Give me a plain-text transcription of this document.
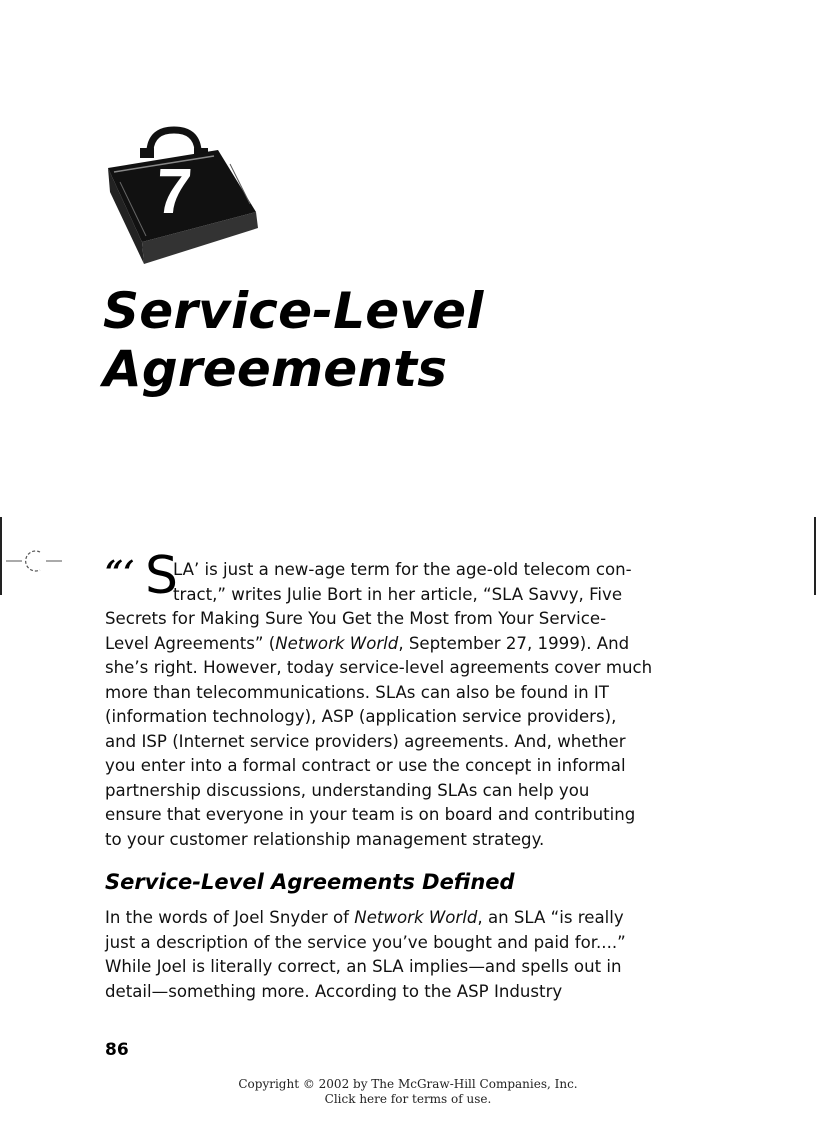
7
Service-Level
Agreements
“‘ S
LA’ is just a new-age term for the age-old telecom con-
tract,” writes Julie Bort in her article, “SLA Savvy, Five
Secrets for Making Sure You Get the Most from Your Service-
Level Agreements” (Network World, September 27, 1999). And
she’s right. However, today service-level agreements cover much
more than telecommunications. SLAs can also be found in IT
(information technology), ASP (application service providers),
and ISP (Internet service providers) agreements. And, whether
you enter into a formal contract or use the concept in informal
partnership discussions, understanding SLAs can help you
ensure that everyone in your team is on board and contributing
to your customer relationship management strategy.
Service-Level Agreements Defined
In the words of Joel Snyder of Network World, an SLA “is really
just a description of the service you’ve bought and paid for....”
While Joel is literally correct, an SLA implies—and spells out in
detail—something more. According to the ASP Industry
86
Copyright © 2002 by The McGraw-Hill Companies, Inc.
Click here for terms of use.
